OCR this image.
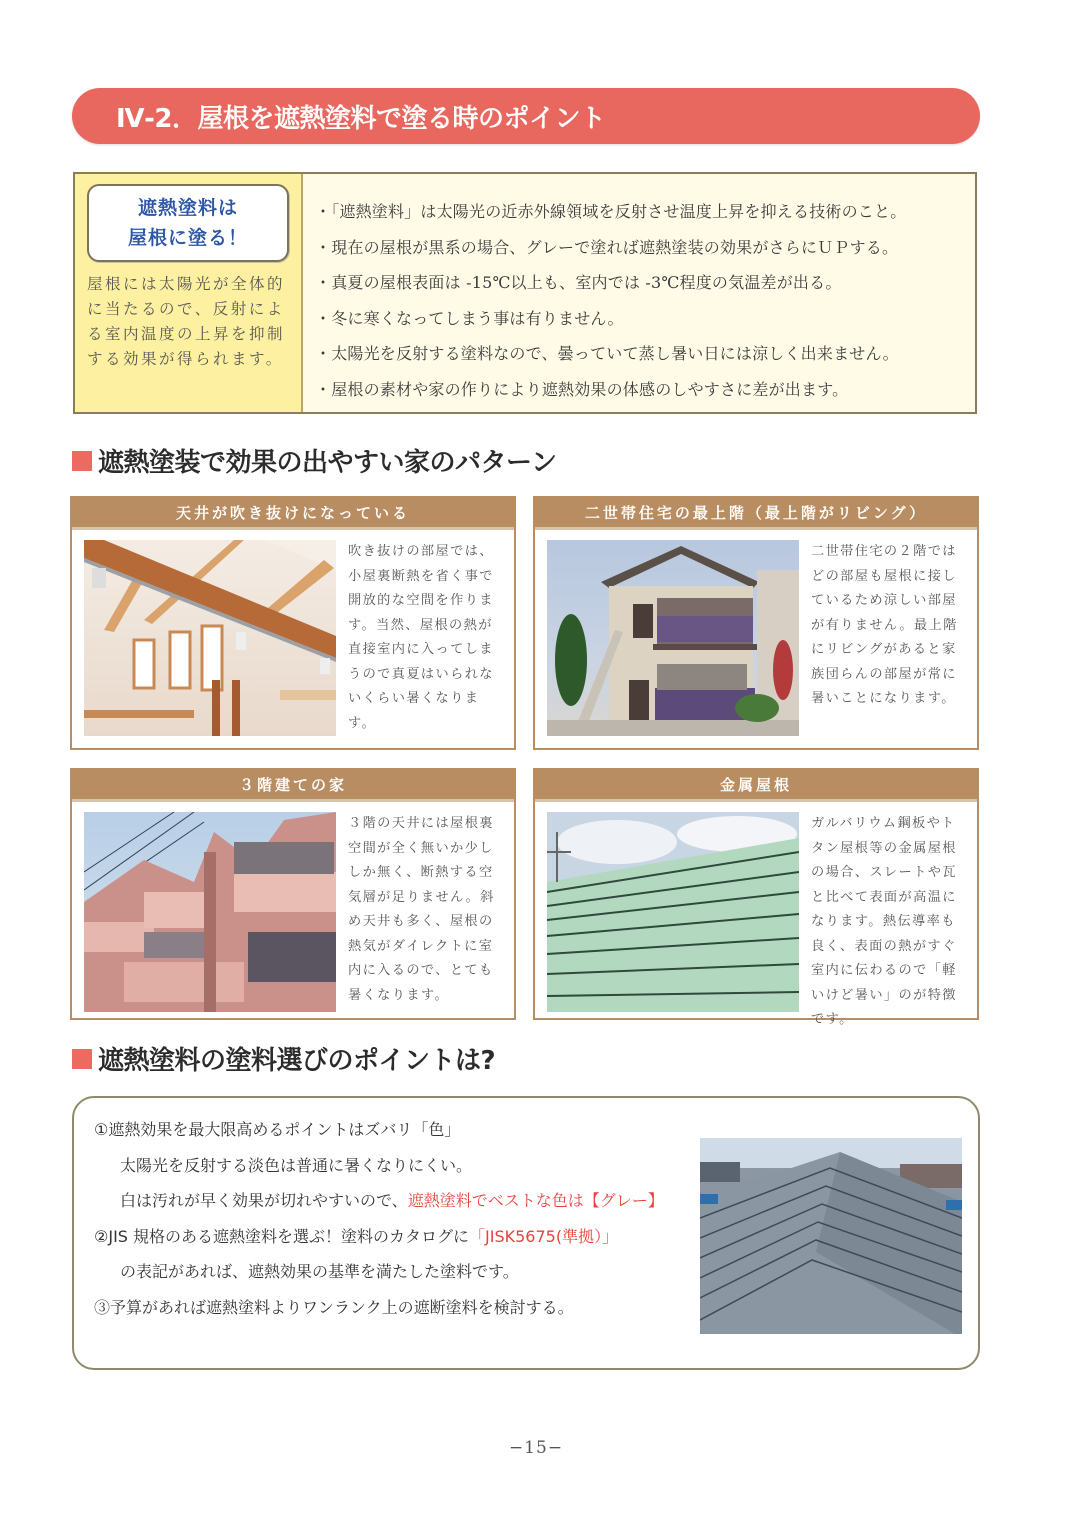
Ⅳ-2．屋根を遮熱塗料で塗る時のポイント
遮熱塗料は
屋根に塗る！

屋根には太陽光が全体的に当たるので、反射による室内温度の上昇を抑制する効果が得られます。

・「遮熱塗料」は太陽光の近赤外線領域を反射させ温度上昇を抑える技術のこと。
・現在の屋根が黒系の場合、グレーで塗れば遮熱塗装の効果がさらにＵＰする。
・真夏の屋根表面は -15℃以上も、室内では -3℃程度の気温差が出る。
・冬に寒くなってしまう事は有りません。
・太陽光を反射する塗料なので、曇っていて蒸し暑い日には涼しく出来ません。
・屋根の素材や家の作りにより遮熱効果の体感のしやすさに差が出ます。
遮熱塗装で効果の出やすい家のパターン
天井が吹き抜けになっている

吹き抜けの部屋では、小屋裏断熱を省く事で開放的な空間を作ります。当然、屋根の熱が直接室内に入ってしまうので真夏はいられないくらい暑くなります。

二世帯住宅の最上階（最上階がリビング）

二世帯住宅の２階ではどの部屋も屋根に接しているため涼しい部屋が有りません。最上階にリビングがあると家族団らんの部屋が常に暑いことになります。

３階建ての家

３階の天井には屋根裏空間が全く無いか少ししか無く、断熱する空気層が足りません。斜め天井も多く、屋根の熱気がダイレクトに室内に入るので、とても暑くなります。

金属屋根

ガルバリウム鋼板やトタン屋根等の金属屋根の場合、スレートや瓦と比べて表面が高温になります。熱伝導率も良く、表面の熱がすぐ室内に伝わるので「軽いけど暑い」のが特徴です。

遮熱塗料の塗料選びのポイントは?
①遮熱効果を最大限高めるポイントはズバリ「色」
太陽光を反射する淡色は普通に暑くなりにくい。
白は汚れが早く効果が切れやすいので、遮熱塗料でベストな色は【グレー】
②JIS 規格のある遮熱塗料を選ぶ！塗料のカタログに「JISK5675(準拠）」
の表記があれば、遮熱効果の基準を満たした塗料です。
③予算があれば遮熱塗料よりワンランク上の遮断塗料を検討する。
−15−
